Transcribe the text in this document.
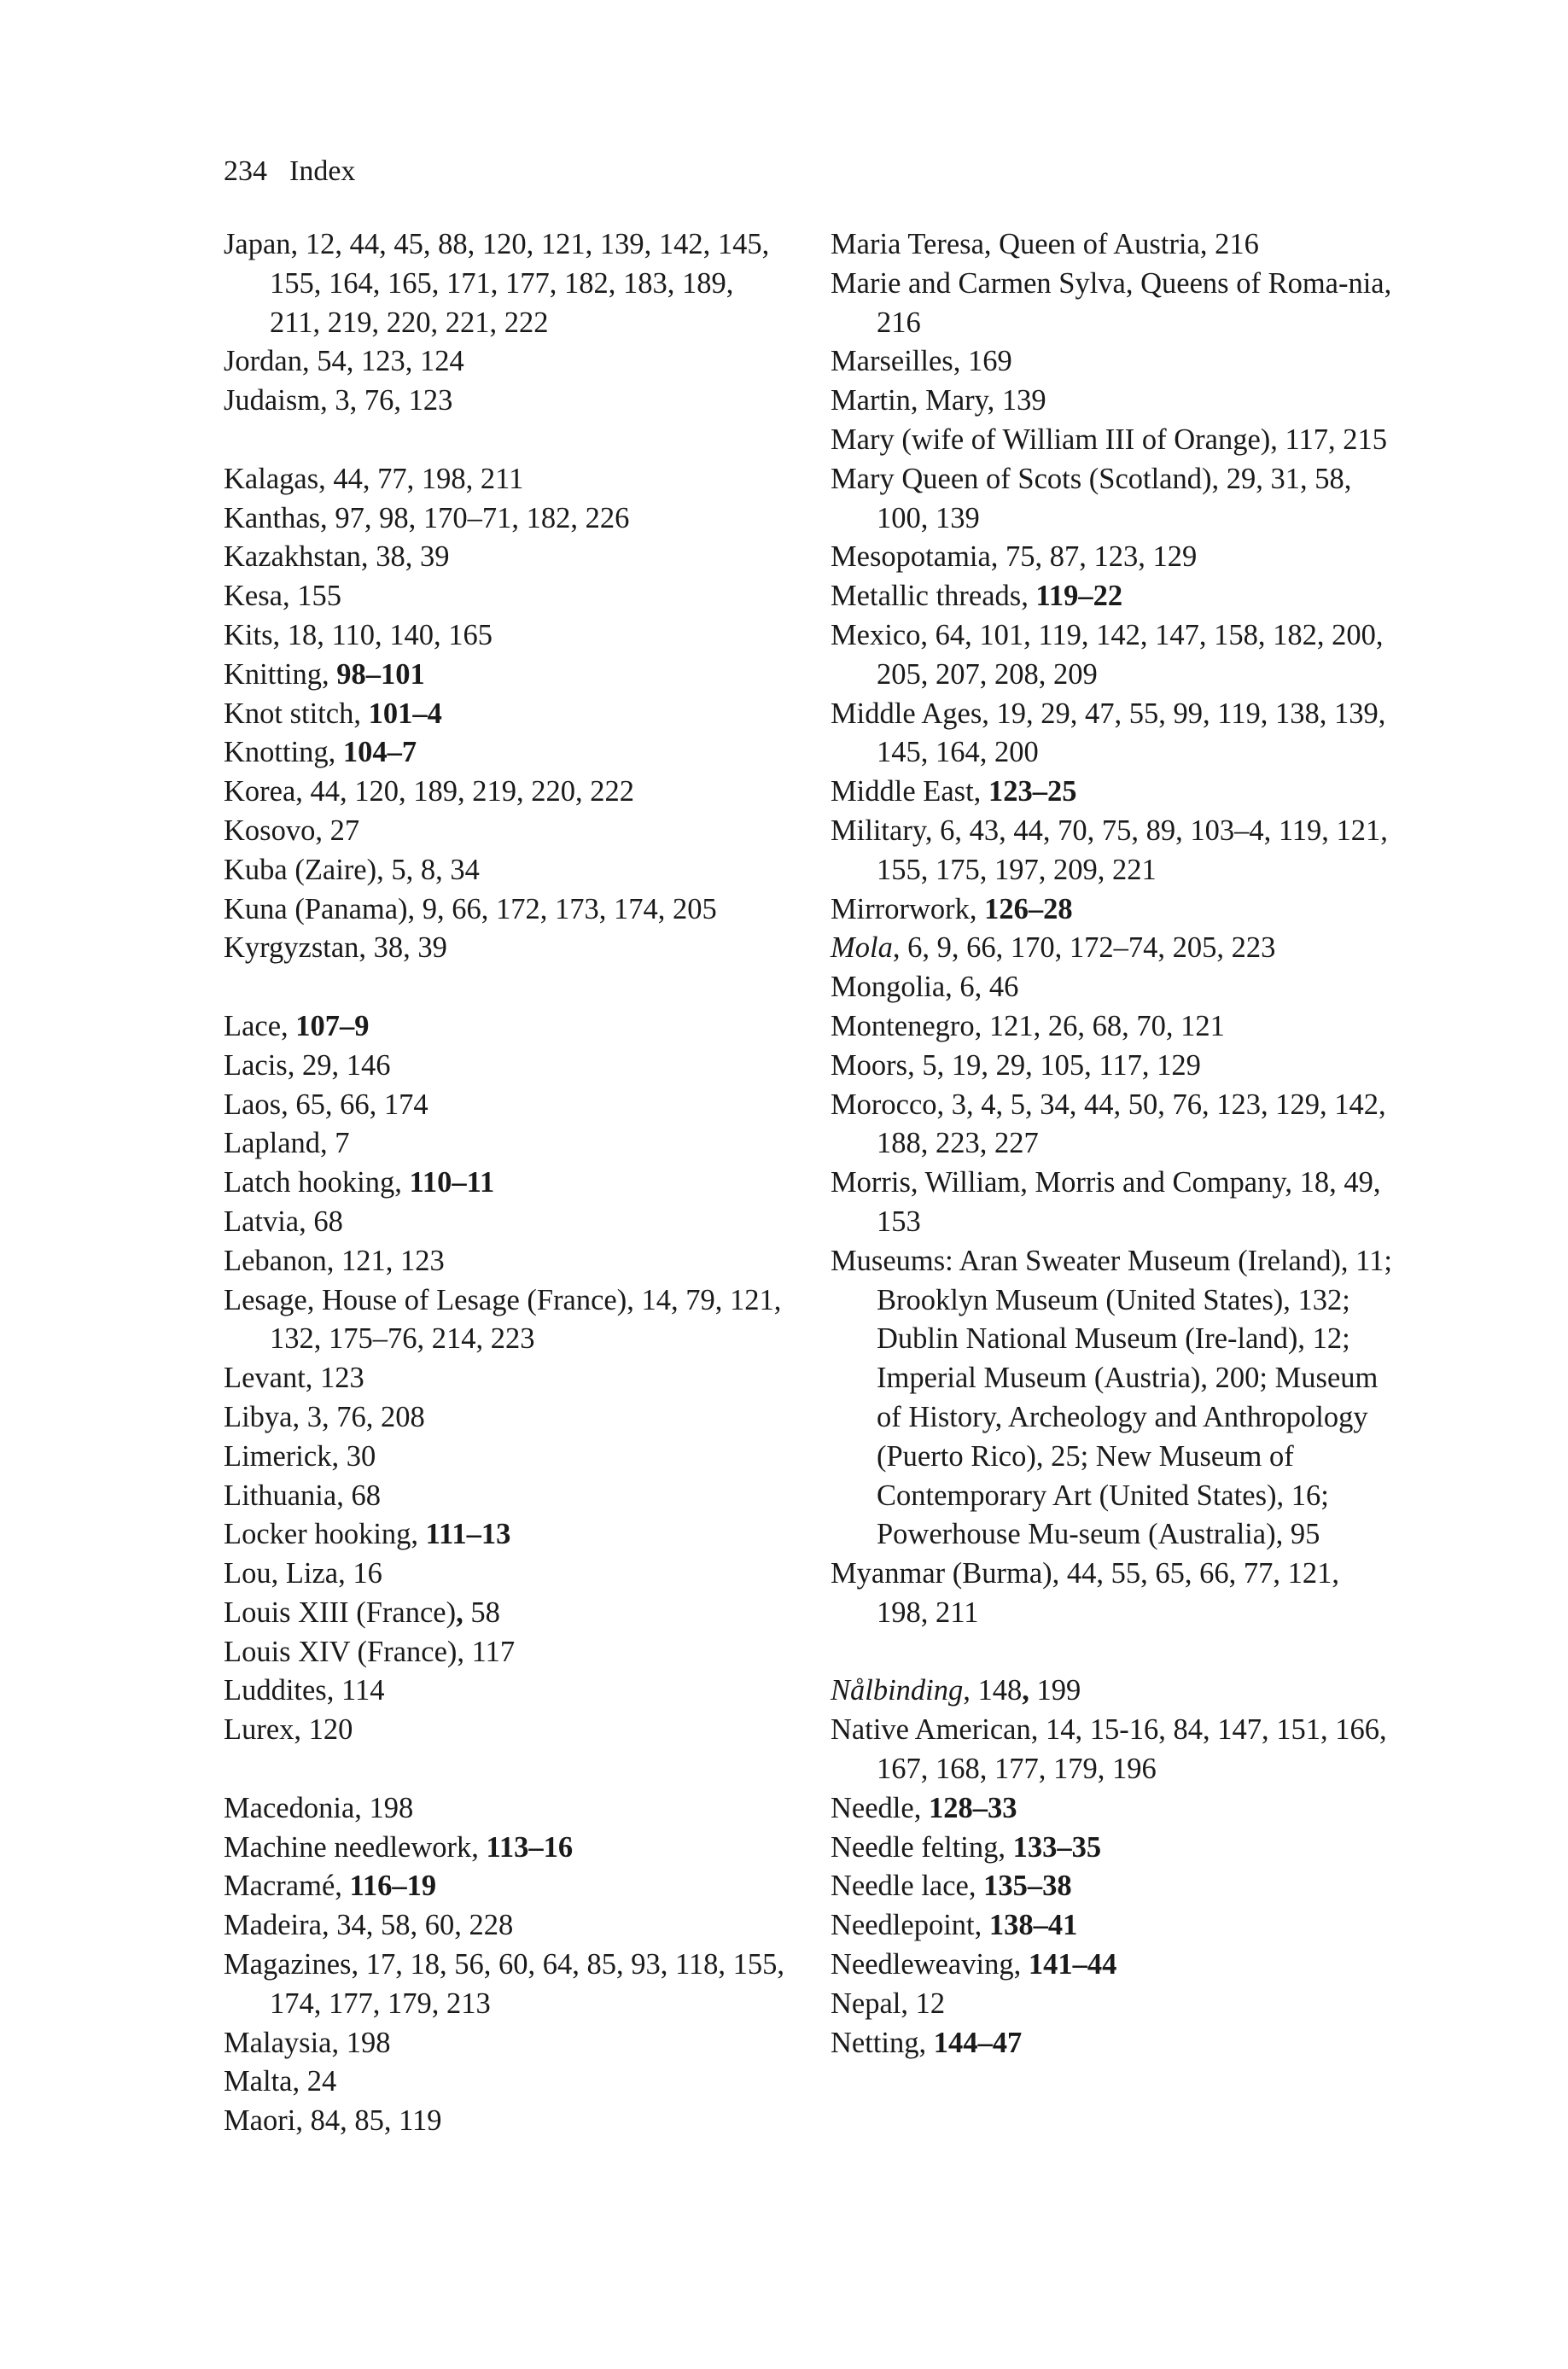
234 Index

Japan, 12, 44, 45, 88, 120, 121, 139, 142, 145, 155, 164, 165, 171, 177, 182, 183, 189, 211, 219, 220, 221, 222

Jordan, 54, 123, 124

Judaism, 3, 76, 123

Kalagas, 44, 77, 198, 211

Kanthas, 97, 98, 170–71, 182, 226

Kazakhstan, 38, 39

Kesa, 155

Kits, 18, 110, 140, 165

Knitting, 98–101

Knot stitch, 101–4

Knotting, 104–7

Korea, 44, 120, 189, 219, 220, 222

Kosovo, 27

Kuba (Zaire), 5, 8, 34

Kuna (Panama), 9, 66, 172, 173, 174, 205

Kyrgyzstan, 38, 39

Lace, 107–9

Lacis, 29, 146

Laos, 65, 66, 174

Lapland, 7

Latch hooking, 110–11

Latvia, 68

Lebanon, 121, 123

Lesage, House of Lesage (France), 14, 79, 121, 132, 175–76, 214, 223

Levant, 123

Libya, 3, 76, 208

Limerick, 30

Lithuania, 68

Locker hooking, 111–13

Lou, Liza, 16

Louis XIII (France), 58

Louis XIV (France), 117

Luddites, 114

Lurex, 120

Macedonia, 198

Machine needlework, 113–16

Macramé, 116–19

Madeira, 34, 58, 60, 228

Magazines, 17, 18, 56, 60, 64, 85, 93, 118, 155, 174, 177, 179, 213

Malaysia, 198

Malta, 24

Maori, 84, 85, 119

Maria Teresa, Queen of Austria, 216

Marie and Carmen Sylva, Queens of Roma-nia, 216

Marseilles, 169

Martin, Mary, 139

Mary (wife of William III of Orange), 117, 215

Mary Queen of Scots (Scotland), 29, 31, 58, 100, 139

Mesopotamia, 75, 87, 123, 129

Metallic threads, 119–22

Mexico, 64, 101, 119, 142, 147, 158, 182, 200, 205, 207, 208, 209

Middle Ages, 19, 29, 47, 55, 99, 119, 138, 139, 145, 164, 200

Middle East, 123–25

Military, 6, 43, 44, 70, 75, 89, 103–4, 119, 121, 155, 175, 197, 209, 221

Mirrorwork, 126–28

Mola, 6, 9, 66, 170, 172–74, 205, 223

Mongolia, 6, 46

Montenegro, 121, 26, 68, 70, 121

Moors, 5, 19, 29, 105, 117, 129

Morocco, 3, 4, 5, 34, 44, 50, 76, 123, 129, 142, 188, 223, 227

Morris, William, Morris and Company, 18, 49, 153

Museums: Aran Sweater Museum (Ireland), 11; Brooklyn Museum (United States), 132; Dublin National Museum (Ire-land), 12; Imperial Museum (Austria), 200; Museum of History, Archeology and Anthropology (Puerto Rico), 25; New Museum of Contemporary Art (United States), 16; Powerhouse Mu-seum (Australia), 95

Myanmar (Burma), 44, 55, 65, 66, 77, 121, 198, 211

Nålbinding, 148, 199

Native American, 14, 15-16, 84, 147, 151, 166, 167, 168, 177, 179, 196

Needle, 128–33

Needle felting, 133–35

Needle lace, 135–38

Needlepoint, 138–41

Needleweaving, 141–44

Nepal, 12

Netting, 144–47
